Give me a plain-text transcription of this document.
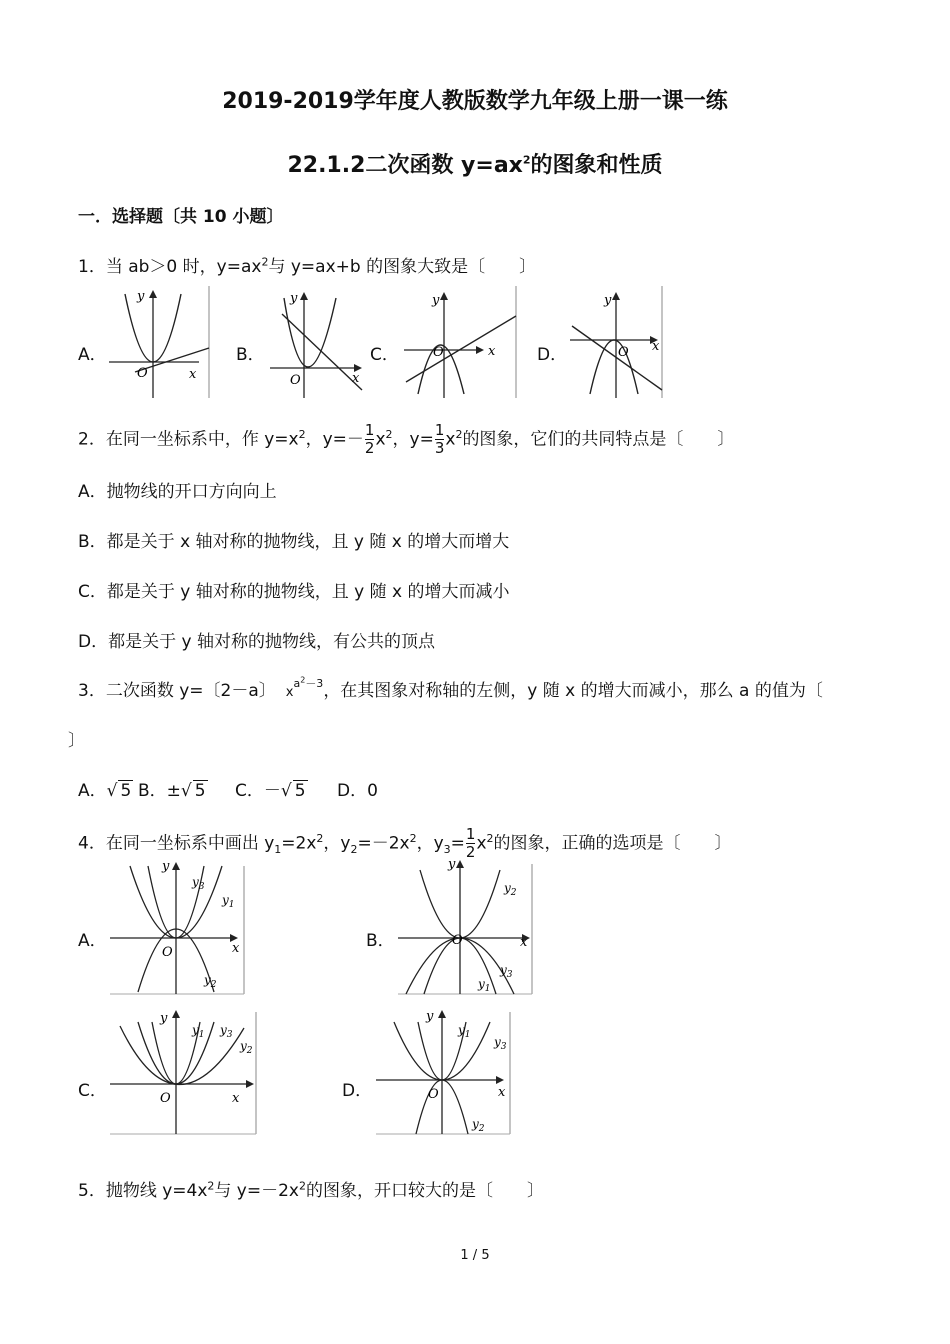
2019-2019学年度人教版数学九年级上册一课一练
22.1.2二次函数 $y=ax^2$的图象和性质
一．选择题〔共 10 小题〕
1．当 ab＞0 时，$y=ax^2$与 y=ax+b 的图象大致是〔　　〕
A．	B．	C．	D．
y
x
O
y
x
O
y
x
O
y
x
O
2．在同一坐标系中，作 $y=x^2$，$y=- \frac{1}{2} x^2$，$y= \frac{1}{3} x^2$的图象，它们的共同特点是〔　　〕
A．抛物线的开口方向向上
B．都是关于 x 轴对称的抛物线，且 y 随 x 的增大而增大
C．都是关于 y 轴对称的抛物线，且 y 随 x 的增大而减小
D．都是关于 y 轴对称的抛物线，有公共的顶点
3．二次函数 y=〔2－a〕 $x^{a^2-3}$，在其图象对称轴的左侧，y 随 x 的增大而减小，那么 a 的值为〔
〕
A．√ 5 B．±√ 5 C．－√ 5 D．0
4．在同一坐标系中画出 $y_1=2x^2$，$y_2=-2x^2$，$y_3= \frac{1}{2} x^2$的图象，正确的选项是〔　　〕
A．	B．
C．	D．
y
x
O
$y_3$
$y_1$
$y_2$
y
x
O
$y_2$
$y_3$
$y_1$
y
x
O
$y_1$ $y_3$
$y_2$
y
x
O
$y_1$ $y_3$
$y_2$
5．抛物线 $y=4x^2$与 $y=-2x^2$的图象，开口较大的是〔　　〕
1 / 5
